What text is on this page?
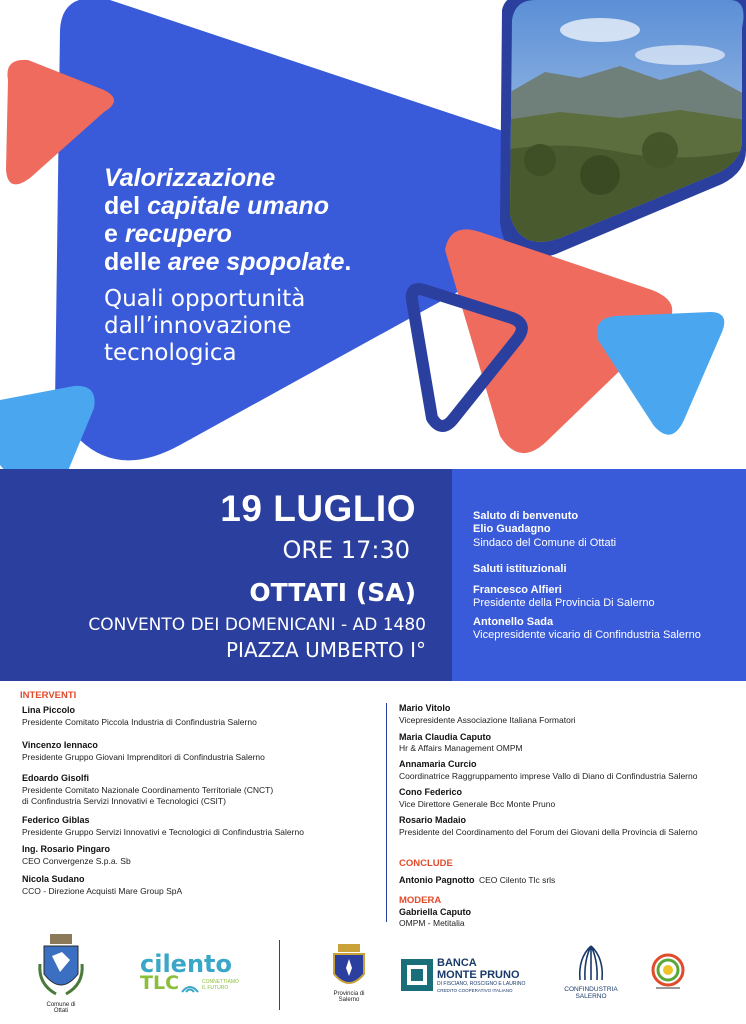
Valorizzazione
del capitale umano
e recupero
delle aree spopolate.
Quali opportunità
dall’innovazione
tecnologica
19 LUGLIO
ORE 17:30
OTTATI (SA)
CONVENTO DEI DOMENICANI - AD 1480
PIAZZA UMBERTO I°
Saluto di benvenuto
Elio Guadagno
Sindaco del Comune di Ottati
Saluti istituzionali
Francesco Alfieri
Presidente della Provincia Di Salerno
Antonello Sada
Vicepresidente vicario di Confindustria Salerno
INTERVENTI
Lina Piccolo
Presidente Comitato Piccola Industria di Confindustria Salerno
Vincenzo Iennaco
Presidente Gruppo Giovani Imprenditori di Confindustria Salerno
Edoardo Gisolfi
Presidente Comitato Nazionale Coordinamento Territoriale (CNCT)
di Confindustria Servizi Innovativi e Tecnologici (CSIT)
Federico Giblas
Presidente Gruppo Servizi Innovativi e Tecnologici di Confindustria Salerno
Ing. Rosario Pingaro
CEO Convergenze S.p.a. Sb
Nicola Sudano
CCO - Direzione Acquisti Mare Group SpA
Mario Vitolo
Vicepresidente Associazione Italiana Formatori
Maria Claudia Caputo
Hr & Affairs Management OMPM
Annamaria Curcio
Coordinatrice Raggruppamento imprese Vallo di Diano di Confindustria Salerno
Cono Federico
Vice Direttore Generale Bcc Monte Pruno
Rosario Madaio
Presidente del Coordinamento del Forum dei Giovani della Provincia di Salerno
CONCLUDE
Antonio Pagnotto CEO Cilento Tlc srls
MODERA
Gabriella Caputo
OMPM - Metitalia
Comune di
Ottati
cilento
TLC	CONNETTIAMO
IL FUTURO
Provincia di
Salerno
BANCA
MONTE PRUNO
DI FISCIANO, ROSCIGNO E LAURINO
CREDITO COOPERATIVO ITALIANO	CONFINDUSTRIA
SALERNO
